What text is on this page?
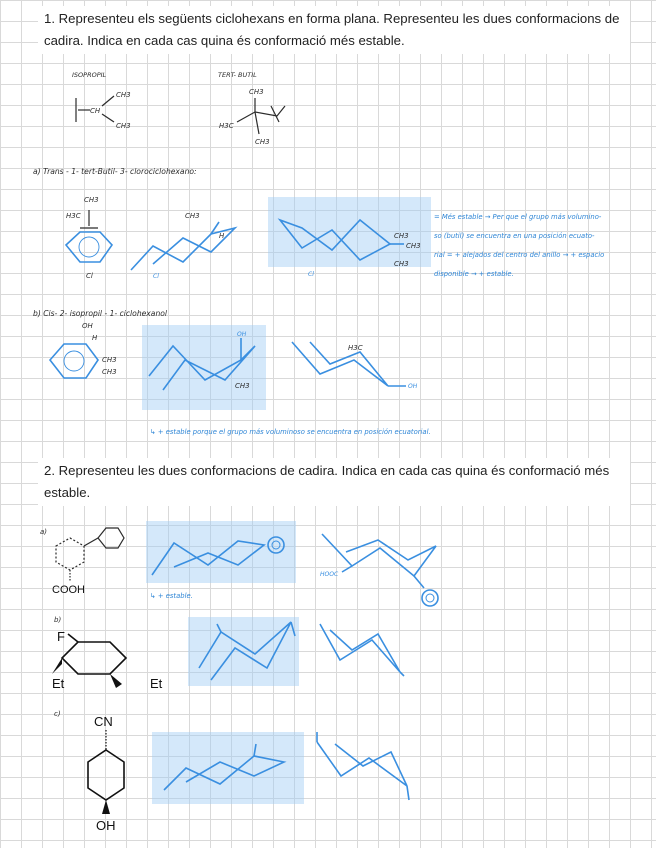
1. Representeu els següents ciclohexans en forma plana. Representeu les dues conformacions de cadira. Indica en cada cas quina és conformació més estable.
ISOPROPIL	TERT- BUTIL
CH
CH3
CH3
CH3
H3C
CH3
a) Trans - 1- tert-Butil- 3- clorociclohexano:
CH3
H3C
Cl
CH3
H
Cl
CH3
CH3
CH3
Cl
= Més estable → Per que el grupo más volumino-
so (butil) se encuentra en una posición ecuato-
rial = + alejados del centro del anillo → + espacio
disponible → + estable.
b) Cis- 2- isopropil - 1- ciclohexanol
OH
H
CH3
CH3
OH
CH3
H3C
OH
↳ + estable porque el grupo más voluminoso se encuentra en posición ecuatorial.
2. Representeu les dues conformacions de cadira. Indica en cada cas quina és conformació més estable.
a)
COOH	↳ + estable.
HOOC
b)
F
Et	Et
c)	CN
OH
